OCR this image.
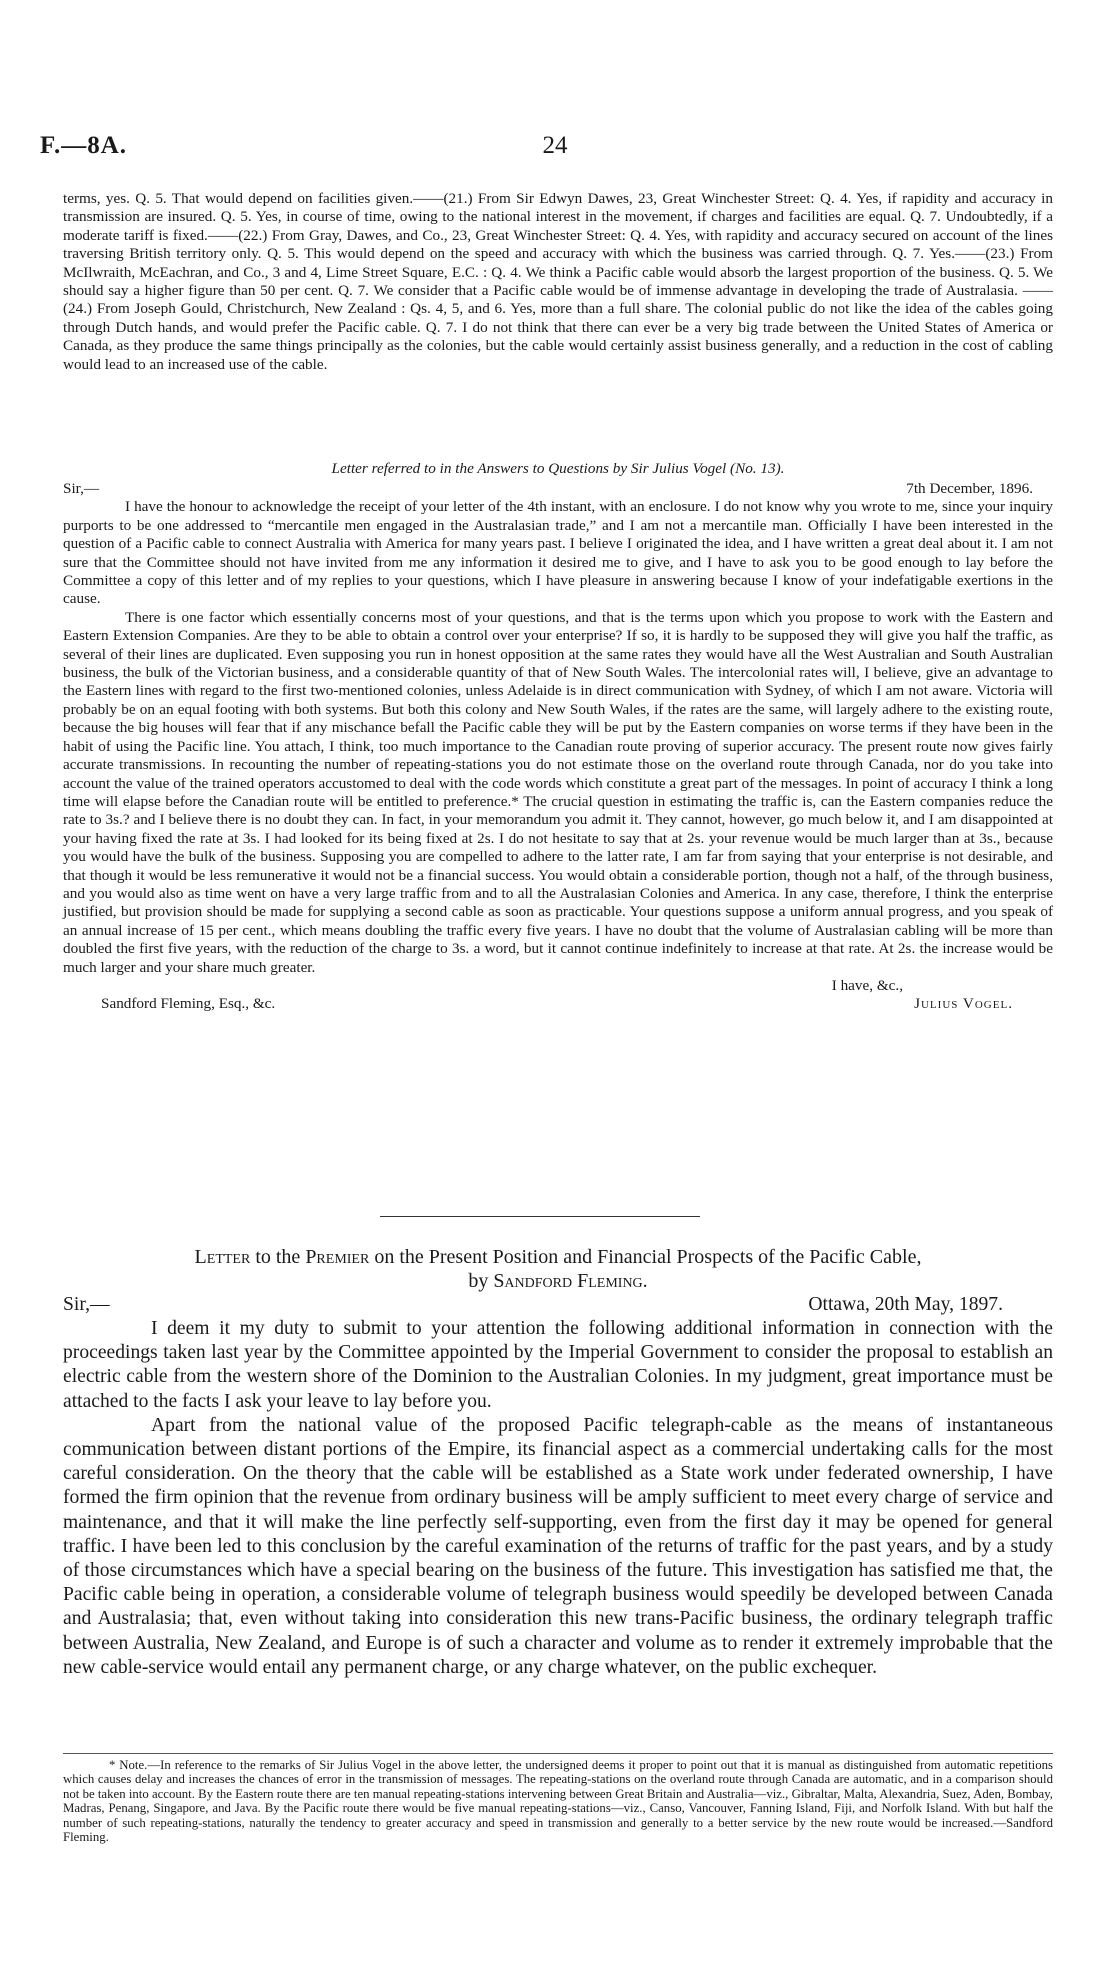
F.—8A.	24

terms, yes. Q. 5. That would depend on facilities given.——(21.) From Sir Edwyn Dawes, 23, Great Winchester Street: Q. 4. Yes, if rapidity and accuracy in transmission are insured. Q. 5. Yes, in course of time, owing to the national interest in the movement, if charges and facilities are equal. Q. 7. Undoubtedly, if a moderate tariff is fixed.——(22.) From Gray, Dawes, and Co., 23, Great Winchester Street: Q. 4. Yes, with rapidity and accuracy secured on account of the lines traversing British territory only. Q. 5. This would depend on the speed and accuracy with which the business was carried through. Q. 7. Yes.——(23.) From McIlwraith, McEachran, and Co., 3 and 4, Lime Street Square, E.C. : Q. 4. We think a Pacific cable would absorb the largest proportion of the business. Q. 5. We should say a higher figure than 50 per cent. Q. 7. We consider that a Pacific cable would be of immense advantage in developing the trade of Australasia. ——(24.) From Joseph Gould, Christchurch, New Zealand : Qs. 4, 5, and 6. Yes, more than a full share. The colonial public do not like the idea of the cables going through Dutch hands, and would prefer the Pacific cable. Q. 7. I do not think that there can ever be a very big trade between the United States of America or Canada, as they produce the same things principally as the colonies, but the cable would certainly assist business generally, and a reduction in the cost of cabling would lead to an increased use of the cable.

Letter referred to in the Answers to Questions by Sir Julius Vogel (No. 13).

Sir,—	7th December, 1896.

I have the honour to acknowledge the receipt of your letter of the 4th instant, with an enclosure. I do not know why you wrote to me, since your inquiry purports to be one addressed to “mercantile men engaged in the Australasian trade,” and I am not a mercantile man. Officially I have been interested in the question of a Pacific cable to connect Australia with America for many years past. I believe I originated the idea, and I have written a great deal about it. I am not sure that the Committee should not have invited from me any information it desired me to give, and I have to ask you to be good enough to lay before the Committee a copy of this letter and of my replies to your questions, which I have pleasure in answering because I know of your indefatigable exertions in the cause.

There is one factor which essentially concerns most of your questions, and that is the terms upon which you propose to work with the Eastern and Eastern Extension Companies. Are they to be able to obtain a control over your enterprise? If so, it is hardly to be supposed they will give you half the traffic, as several of their lines are duplicated. Even supposing you run in honest opposition at the same rates they would have all the West Australian and South Australian business, the bulk of the Victorian business, and a considerable quantity of that of New South Wales. The intercolonial rates will, I believe, give an advantage to the Eastern lines with regard to the first two-mentioned colonies, unless Adelaide is in direct communication with Sydney, of which I am not aware. Victoria will probably be on an equal footing with both systems. But both this colony and New South Wales, if the rates are the same, will largely adhere to the existing route, because the big houses will fear that if any mischance befall the Pacific cable they will be put by the Eastern companies on worse terms if they have been in the habit of using the Pacific line. You attach, I think, too much importance to the Canadian route proving of superior accuracy. The present route now gives fairly accurate transmissions. In recounting the number of repeating-stations you do not estimate those on the overland route through Canada, nor do you take into account the value of the trained operators accustomed to deal with the code words which constitute a great part of the messages. In point of accuracy I think a long time will elapse before the Canadian route will be entitled to preference.* The crucial question in estimating the traffic is, can the Eastern companies reduce the rate to 3s.? and I believe there is no doubt they can. In fact, in your memorandum you admit it. They cannot, however, go much below it, and I am disappointed at your having fixed the rate at 3s. I had looked for its being fixed at 2s. I do not hesitate to say that at 2s. your revenue would be much larger than at 3s., because you would have the bulk of the business. Supposing you are compelled to adhere to the latter rate, I am far from saying that your enterprise is not desirable, and that though it would be less remunerative it would not be a financial success. You would obtain a considerable portion, though not a half, of the through business, and you would also as time went on have a very large traffic from and to all the Australasian Colonies and America. In any case, therefore, I think the enterprise justified, but provision should be made for supplying a second cable as soon as practicable. Your questions suppose a uniform annual progress, and you speak of an annual increase of 15 per cent., which means doubling the traffic every five years. I have no doubt that the volume of Australasian cabling will be more than doubled the first five years, with the reduction of the charge to 3s. a word, but it cannot continue indefinitely to increase at that rate. At 2s. the increase would be much larger and your share much greater.

I have, &c.,

Sandford Fleming, Esq., &c.	Julius Vogel.
Letter to the Premier on the Present Position and Financial Prospects of the Pacific Cable,
by Sandford Fleming.
Sir,—	Ottawa, 20th May, 1897.

I deem it my duty to submit to your attention the following additional information in connection with the proceedings taken last year by the Committee appointed by the Imperial Government to consider the proposal to establish an electric cable from the western shore of the Dominion to the Australian Colonies. In my judgment, great importance must be attached to the facts I ask your leave to lay before you.

Apart from the national value of the proposed Pacific telegraph-cable as the means of instantaneous communication between distant portions of the Empire, its financial aspect as a commercial undertaking calls for the most careful consideration. On the theory that the cable will be established as a State work under federated ownership, I have formed the firm opinion that the revenue from ordinary business will be amply sufficient to meet every charge of service and maintenance, and that it will make the line perfectly self-supporting, even from the first day it may be opened for general traffic. I have been led to this conclusion by the careful examination of the returns of traffic for the past years, and by a study of those circumstances which have a special bearing on the business of the future. This investigation has satisfied me that, the Pacific cable being in operation, a considerable volume of telegraph business would speedily be developed between Canada and Australasia; that, even without taking into consideration this new trans-Pacific business, the ordinary telegraph traffic between Australia, New Zealand, and Europe is of such a character and volume as to render it extremely improbable that the new cable-service would entail any permanent charge, or any charge whatever, on the public exchequer.

* Note.—In reference to the remarks of Sir Julius Vogel in the above letter, the undersigned deems it proper to point out that it is manual as distinguished from automatic repetitions which causes delay and increases the chances of error in the transmission of messages. The repeating-stations on the overland route through Canada are automatic, and in a comparison should not be taken into account. By the Eastern route there are ten manual repeating-stations intervening between Great Britain and Australia—viz., Gibraltar, Malta, Alexandria, Suez, Aden, Bombay, Madras, Penang, Singapore, and Java. By the Pacific route there would be five manual repeating-stations—viz., Canso, Vancouver, Fanning Island, Fiji, and Norfolk Island. With but half the number of such repeating-stations, naturally the tendency to greater accuracy and speed in transmission and generally to a better service by the new route would be increased.—Sandford Fleming.
